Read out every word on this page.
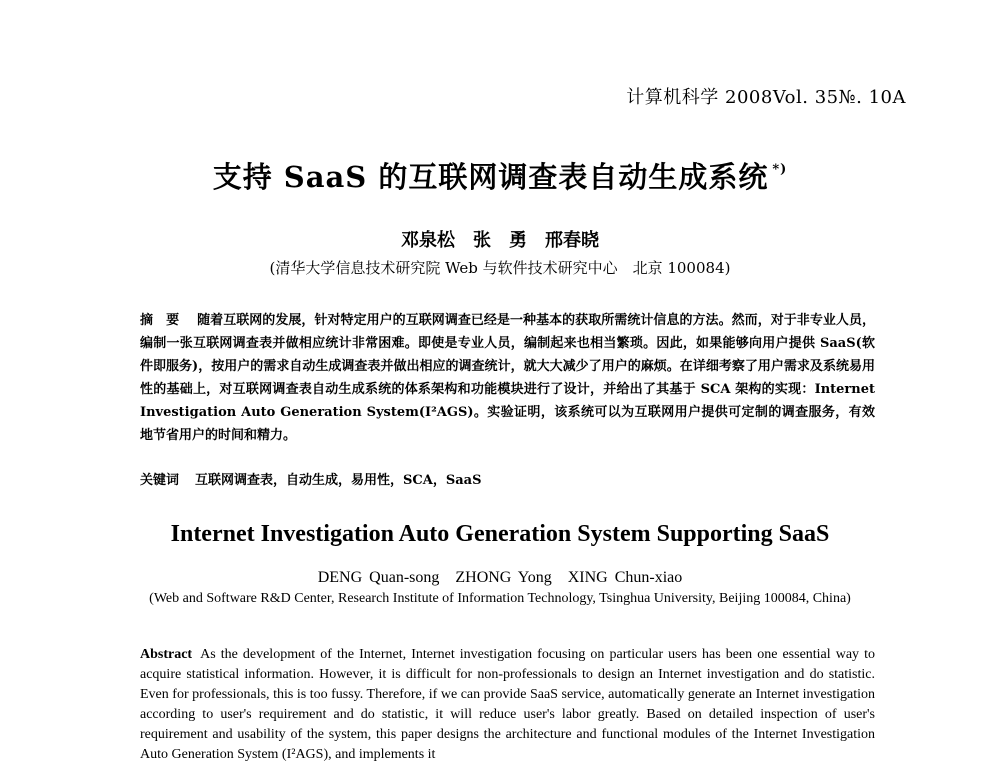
计算机科学 2008Vol. 35№. 10A
支持 SaaS 的互联网调查表自动生成系统 *)
邓泉松　张　勇　邢春晓
(清华大学信息技术研究院 Web 与软件技术研究中心　北京 100084)
摘　要 随着互联网的发展，针对特定用户的互联网调查已经是一种基本的获取所需统计信息的方法。然而，对于非专业人员，编制一张互联网调查表并做相应统计非常困难。即使是专业人员，编制起来也相当繁琐。因此，如果能够向用户提供 SaaS(软件即服务)，按用户的需求自动生成调查表并做出相应的调查统计，就大大减少了用户的麻烦。在详细考察了用户需求及系统易用性的基础上，对互联网调查表自动生成系统的体系架构和功能模块进行了设计，并给出了其基于 SCA 架构的实现：Internet Investigation Auto Generation System(I²AGS)。实验证明，该系统可以为互联网用户提供可定制的调查服务，有效地节省用户的时间和精力。
关键词 互联网调查表，自动生成，易用性，SCA，SaaS
Internet Investigation Auto Generation System Supporting SaaS
DENG Quan-song　ZHONG Yong　XING Chun-xiao
(Web and Software R&D Center, Research Institute of Information Technology, Tsinghua University, Beijing 100084, China)
Abstract As the development of the Internet, Internet investigation focusing on particular users has been one essential way to acquire statistical information. However, it is difficult for non-professionals to design an Internet investigation and do statistic. Even for professionals, this is too fussy. Therefore, if we can provide SaaS service, automatically generate an Internet investigation according to user's requirement and do statistic, it will reduce user's labor greatly. Based on detailed inspection of user's requirement and usability of the system, this paper designs the architecture and functional modules of the Internet Investigation Auto Generation System (I²AGS), and implements it
